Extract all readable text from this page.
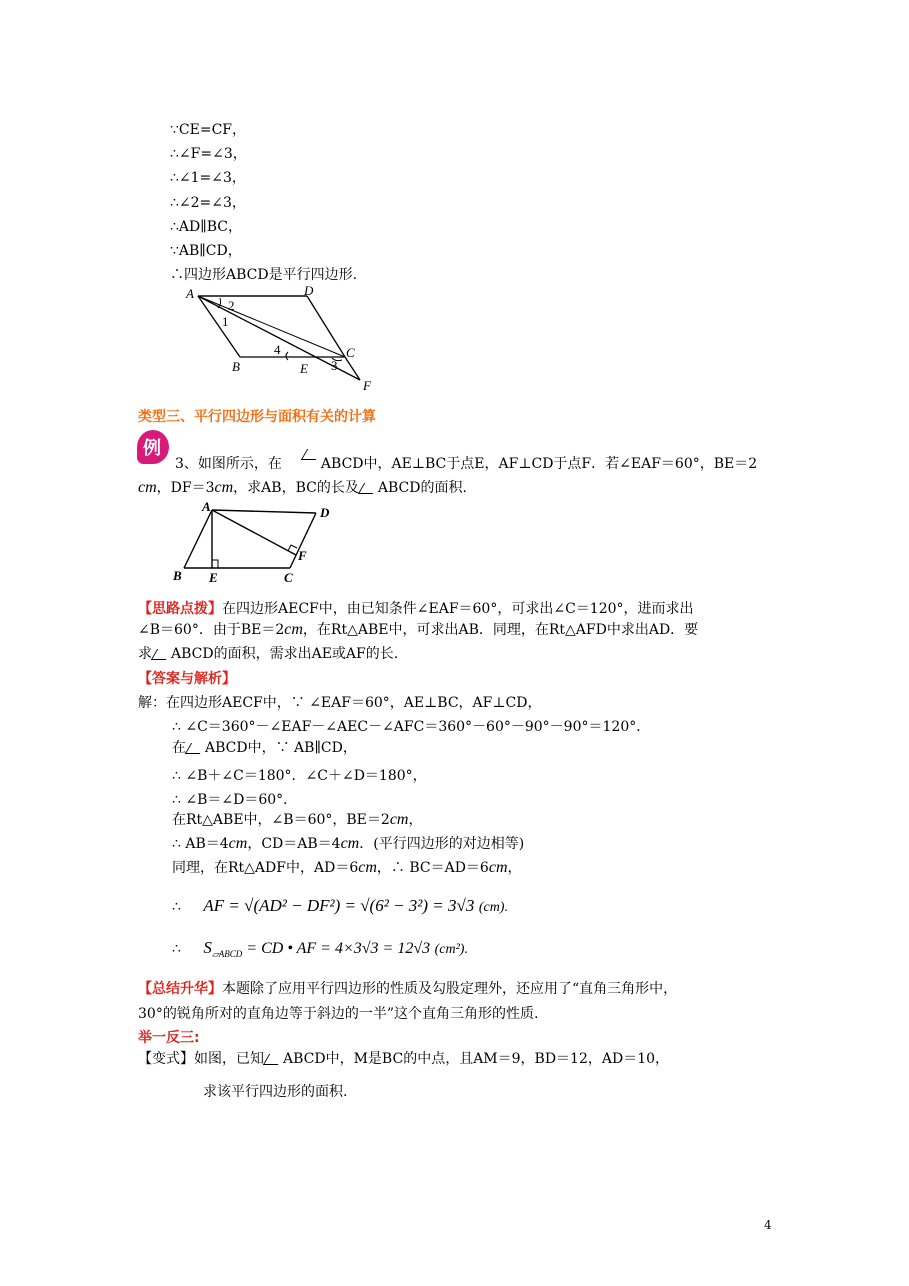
∵CE=CF，
∴∠F=∠3，
∴∠1=∠3，
∴∠2=∠3，
∴AD∥BC，
∵AB∥CD，
∴四边形ABCD是平行四边形.
A	D
B
C
E
F
1
2
3
4
类型三、平行四边形与面积有关的计算
例
3、如图所示，在	ABCD中，AE⊥BC于点E，AF⊥CD于点F．若∠EAF＝60°，BE＝2
cm，DF＝3cm，求AB，BC的长及 ABCD的面积.
A	D
B E	C
F
【思路点拨】在四边形AECF中，由已知条件∠EAF＝60°，可求出∠C＝120°，进而求出
∠B＝60°．由于BE＝2cm，在Rt△ABE中，可求出AB．同理，在Rt△AFD中求出AD．要
求 ABCD的面积，需求出AE或AF的长.
【答案与解析】
解：在四边形AECF中，∵ ∠EAF＝60°，AE⊥BC，AF⊥CD，
∴ ∠C＝360°－∠EAF－∠AEC－∠AFC＝360°－60°－90°－90°＝120°．
在 ABCD中，∵ AB∥CD，
∴ ∠B＋∠C＝180°．∠C＋∠D＝180°，
∴ ∠B＝∠D＝60°．
在Rt△ABE中，∠B＝60°，BE＝2cm，
∴ AB＝4cm，CD＝AB＝4cm．(平行四边形的对边相等)
同理，在Rt△ADF中，AD＝6cm，∴ BC＝AD＝6cm，
∴ AF = √(AD² − DF²) = √(6² − 3²) = 3√3 (cm).
∴ $S_{▱ABCD}$ = CD • AF = 4×3√3 = 12√3 (cm²).
【总结升华】本题除了应用平行四边形的性质及勾股定理外，还应用了“直角三角形中，
30°的锐角所对的直角边等于斜边的一半”这个直角三角形的性质.
举一反三:
【变式】如图，已知 ABCD中，M是BC的中点，且AM＝9，BD＝12，AD＝10，
求该平行四边形的面积.
4
